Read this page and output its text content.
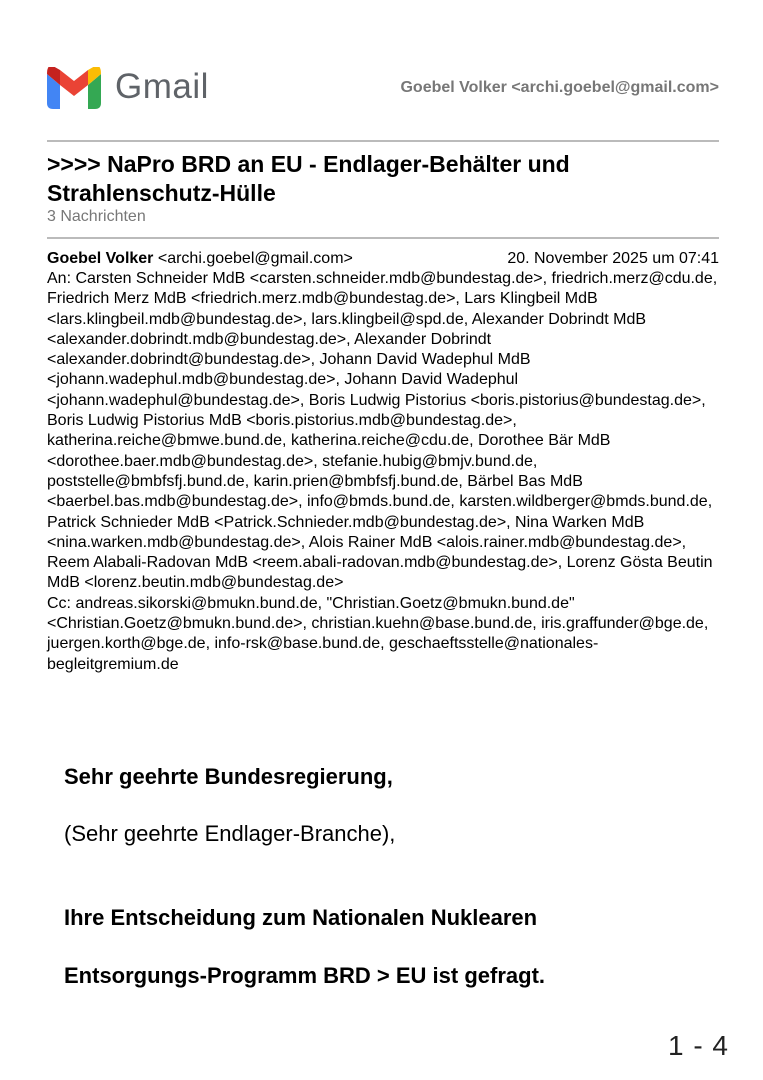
Gmail	Goebel Volker <archi.goebel@gmail.com>
>>>> NaPro BRD an EU - Endlager-Behälter und Strahlenschutz-Hülle
3 Nachrichten
Goebel Volker <archi.goebel@gmail.com>	20. November 2025 um 07:41
An: Carsten Schneider MdB <carsten.schneider.mdb@bundestag.de>, friedrich.merz@cdu.de, Friedrich Merz MdB <friedrich.merz.mdb@bundestag.de>, Lars Klingbeil MdB <lars.klingbeil.mdb@bundestag.de>, lars.klingbeil@spd.de, Alexander Dobrindt MdB <alexander.dobrindt.mdb@bundestag.de>, Alexander Dobrindt <alexander.dobrindt@bundestag.de>, Johann David Wadephul MdB <johann.wadephul.mdb@bundestag.de>, Johann David Wadephul <johann.wadephul@bundestag.de>, Boris Ludwig Pistorius <boris.pistorius@bundestag.de>, Boris Ludwig Pistorius MdB <boris.pistorius.mdb@bundestag.de>, katherina.reiche@bmwe.bund.de, katherina.reiche@cdu.de, Dorothee Bär MdB <dorothee.baer.mdb@bundestag.de>, stefanie.hubig@bmjv.bund.de, poststelle@bmbfsfj.bund.de, karin.prien@bmbfsfj.bund.de, Bärbel Bas MdB <baerbel.bas.mdb@bundestag.de>, info@bmds.bund.de, karsten.wildberger@bmds.bund.de, Patrick Schnieder MdB <Patrick.Schnieder.mdb@bundestag.de>, Nina Warken MdB <nina.warken.mdb@bundestag.de>, Alois Rainer MdB <alois.rainer.mdb@bundestag.de>, Reem Alabali-Radovan MdB <reem.abali-radovan.mdb@bundestag.de>, Lorenz Gösta Beutin MdB <lorenz.beutin.mdb@bundestag.de>
Cc: andreas.sikorski@bmukn.bund.de, "Christian.Goetz@bmukn.bund.de" <Christian.Goetz@bmukn.bund.de>, christian.kuehn@base.bund.de, iris.graffunder@bge.de, juergen.korth@bge.de, info-rsk@base.bund.de, geschaeftsstelle@nationales-begleitgremium.de
Sehr geehrte Bundesregierung,
(Sehr geehrte Endlager-Branche),
Ihre Entscheidung zum Nationalen Nuklearen
Entsorgungs-Programm BRD > EU ist gefragt.
1 - 4
